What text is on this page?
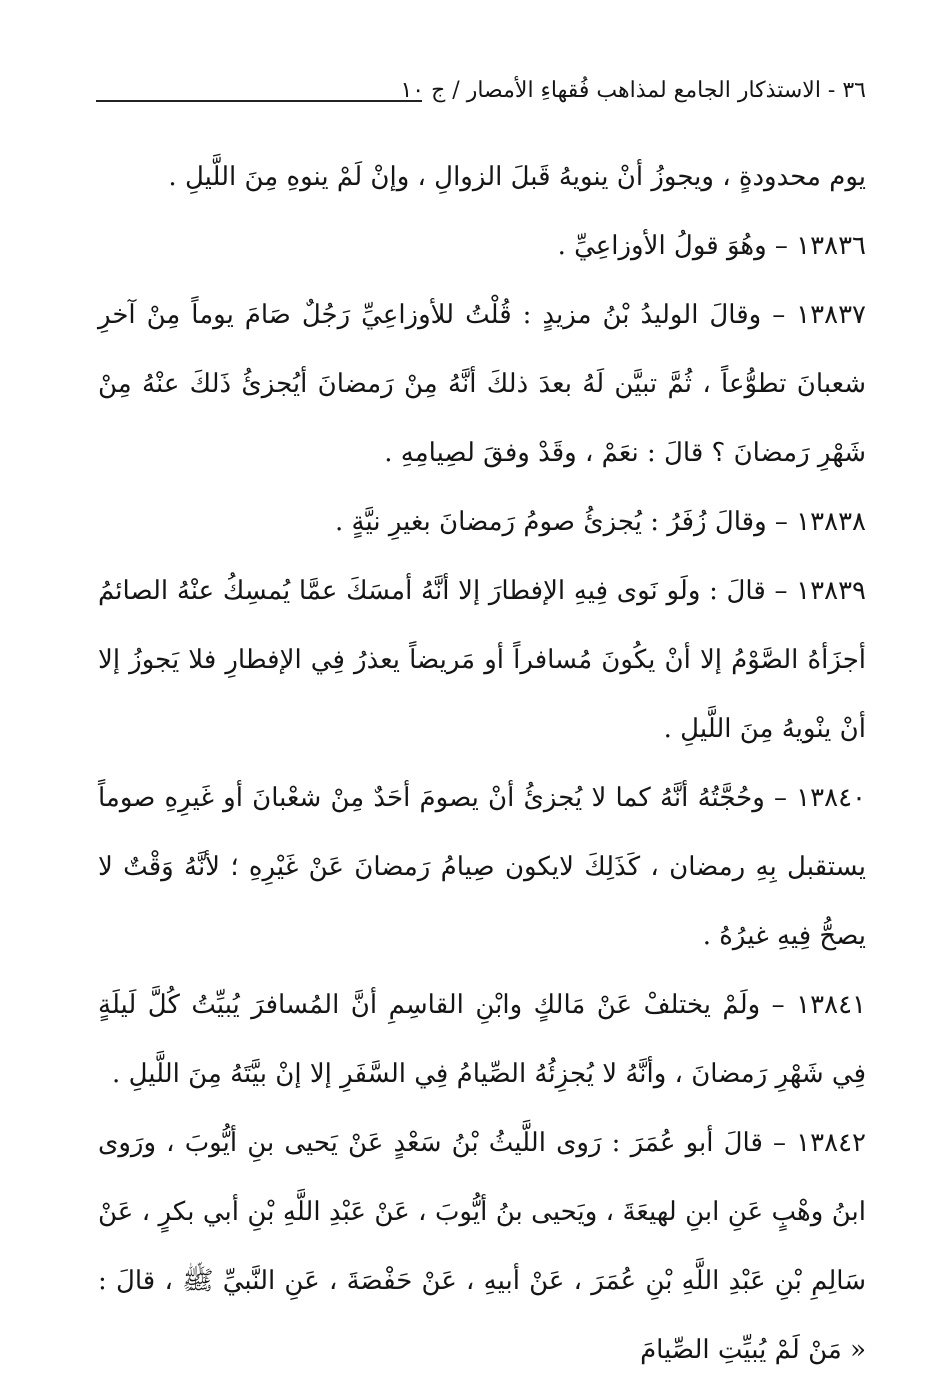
٣٦ - الاستذكار الجامع لمذاهب فُقهاءِ الأمصار / ج ١٠

يوم محدودةٍ ، ويجوزُ أنْ ينويهُ قَبلَ الزوالِ ، وإنْ لَمْ ينوهِ مِنَ اللَّيلِ .

١٣٨٣٦ – وهُوَ قولُ الأوزاعِيِّ .

١٣٨٣٧ – وقالَ الوليدُ بْنُ مزيدٍ : قُلْتُ للأوزاعِيِّ رَجُلٌ صَامَ يوماً مِنْ آخرِ شعبانَ تطوُّعاً ، ثُمَّ تبيَّن لَهُ بعدَ ذلكَ أنَّهُ مِنْ رَمضانَ أيُجزئُ ذَلكَ عنْهُ مِنْ شَهْرِ رَمضانَ ؟ قالَ : نعَمْ ، وقَدْ وفقَ لصِيامِهِ .

١٣٨٣٨ – وقالَ زُفَرُ : يُجزئُ صومُ رَمضانَ بغيرِ نيَّةٍ .

١٣٨٣٩ – قالَ : ولَو نَوى فِيهِ الإفطارَ إلا أنَّهُ أمسَكَ عمَّا يُمسِكُ عنْهُ الصائمُ أجزَأهُ الصَّوْمُ إلا أنْ يكُونَ مُسافراً أو مَريضاً يعذرُ فِي الإفطارِ فلا يَجوزُ إلا أنْ ينْويهُ مِنَ اللَّيلِ .

١٣٨٤٠ – وحُجَّتُهُ أنَّهُ كما لا يُجزئُ أنْ يصومَ أحَدٌ مِنْ شعْبانَ أو غَيرِهِ صوماً يستقبل بِهِ رمضان ، كَذَلِكَ لايكون صِيامُ رَمضانَ عَنْ غَيْرِهِ ؛ لأنَّهُ وَقْتٌ لا يصحُّ فِيهِ غيرُهُ .

١٣٨٤١ – ولَمْ يختلفْ عَنْ مَالكٍ وابْنِ القاسِمِ أنَّ المُسافرَ يُبيِّتُ كُلَّ لَيلَةٍ فِي شَهْرِ رَمضانَ ، وأنَّهُ لا يُجزِئُهُ الصِّيامُ فِي السَّفَرِ إلا إنْ بيَّتَهُ مِنَ اللَّيلِ .

١٣٨٤٢ – قالَ أبو عُمَرَ : رَوى اللَّيثُ بْنُ سَعْدٍ عَنْ يَحيى بنِ أيُّوبَ ، ورَوى ابنُ وهْبٍ عَنِ ابنِ لهيعَةَ ، ويَحيى بنُ أيُّوبَ ، عَنْ عَبْدِ اللَّهِ بْنِ أبي بكرٍ ، عَنْ سَالِمِ بْنِ عَبْدِ اللَّهِ بْنِ عُمَرَ ، عَنْ أبيهِ ، عَنْ حَفْصَةَ ، عَنِ النَّبيِّ ﷺ ، قالَ : « مَنْ لَمْ يُبيِّتِ الصِّيامَ
